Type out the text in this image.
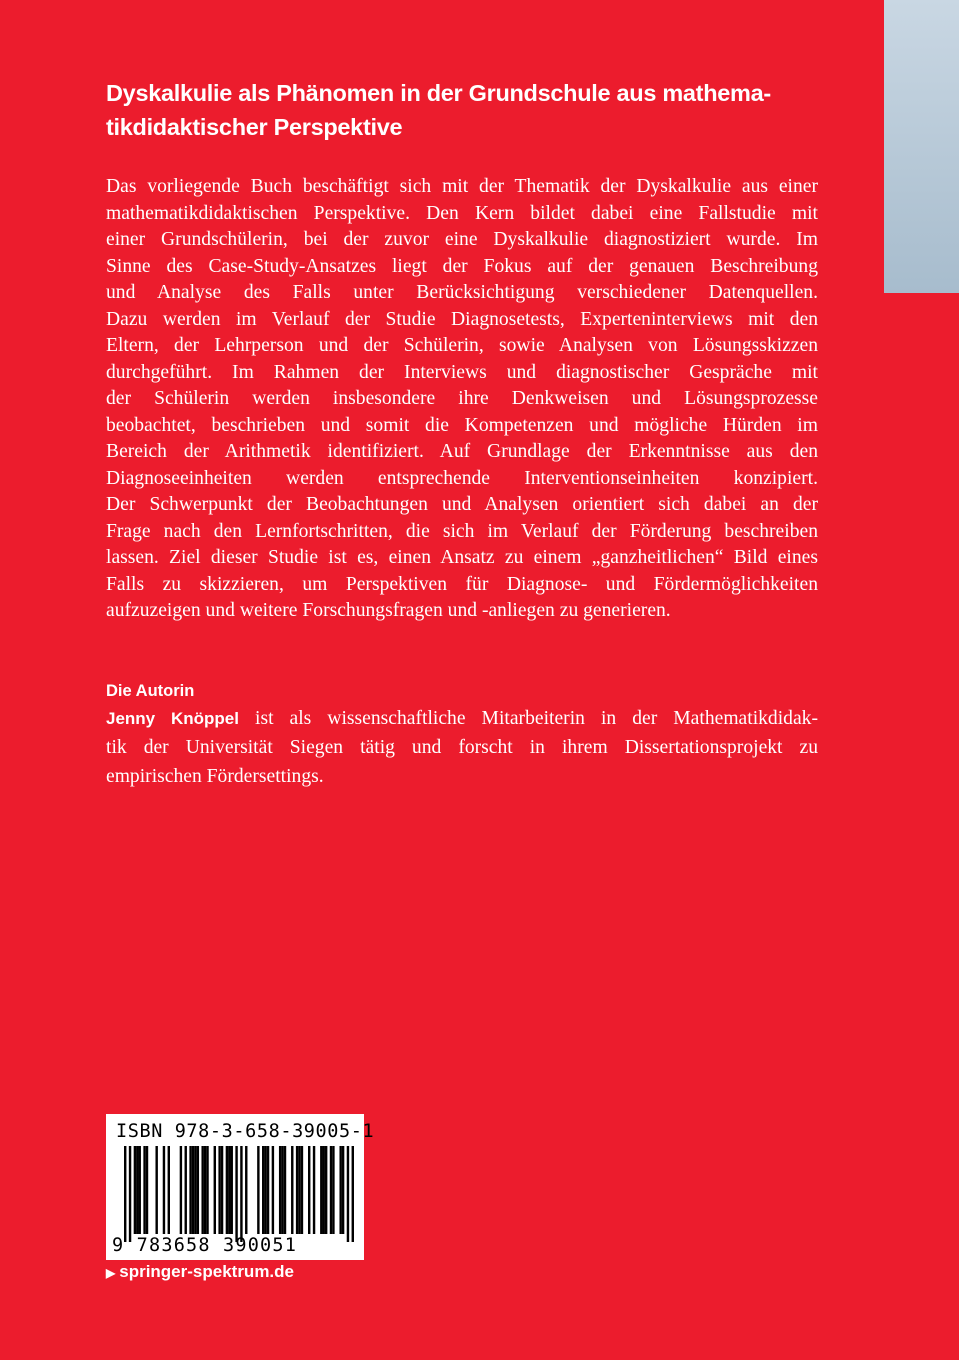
Dyskalkulie als Phänomen in der Grundschule aus mathema-
tikdidaktischer Perspektive
Das vorliegende Buch beschäftigt sich mit der Thematik der Dyskalkulie aus einer
mathematikdidaktischen Perspektive. Den Kern bildet dabei eine Fallstudie mit
einer Grundschülerin, bei der zuvor eine Dyskalkulie diagnostiziert wurde. Im
Sinne des Case-Study-Ansatzes liegt der Fokus auf der genauen Beschreibung
und Analyse des Falls unter Berücksichtigung verschiedener Datenquellen.
Dazu werden im Verlauf der Studie Diagnosetests, Experteninterviews mit den
Eltern, der Lehrperson und der Schülerin, sowie Analysen von Lösungsskizzen
durchgeführt. Im Rahmen der Interviews und diagnostischer Gespräche mit
der Schülerin werden insbesondere ihre Denkweisen und Lösungsprozesse
beobachtet, beschrieben und somit die Kompetenzen und mögliche Hürden im
Bereich der Arithmetik identifiziert. Auf Grundlage der Erkenntnisse aus den
Diagnoseeinheiten werden entsprechende Interventionseinheiten konzipiert.
Der Schwerpunkt der Beobachtungen und Analysen orientiert sich dabei an der
Frage nach den Lernfortschritten, die sich im Verlauf der Förderung beschreiben
lassen. Ziel dieser Studie ist es, einen Ansatz zu einem „ganzheitlichen“ Bild eines
Falls zu skizzieren, um Perspektiven für Diagnose- und Fördermöglichkeiten
aufzuzeigen und weitere Forschungsfragen und -anliegen zu generieren.
Die Autorin
Jenny Knöppel ist als wissenschaftliche Mitarbeiterin in der Mathematikdidak-
tik der Universität Siegen tätig und forscht in ihrem Dissertationsprojekt zu
empirischen Fördersettings.
ISBN 978-3-658-39005-1
9 783658 390051
▶ springer-spektrum.de
